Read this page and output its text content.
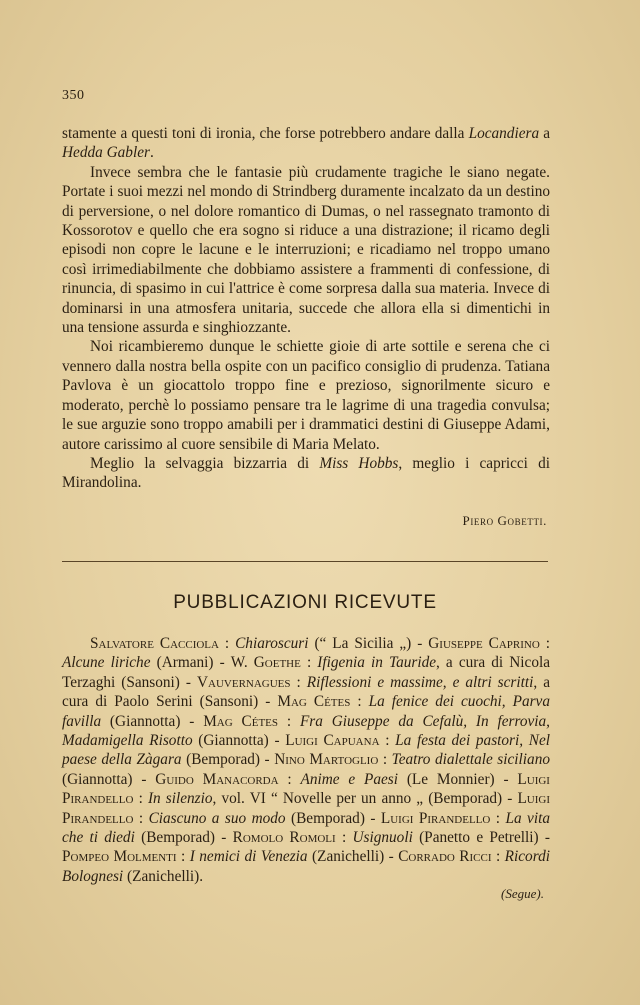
350

stamente a questi toni di ironia, che forse potrebbero andare dalla Locandiera a Hedda Gabler.

Invece sembra che le fantasie più crudamente tragiche le siano negate. Portate i suoi mezzi nel mondo di Strindberg duramente incalzato da un destino di perversione, o nel dolore romantico di Dumas, o nel rassegnato tramonto di Kossorotov e quello che era sogno si riduce a una distrazione; il ricamo degli episodi non copre le lacune e le interruzioni; e ricadiamo nel troppo umano così irrimediabilmente che dobbiamo assistere a frammenti di confessione, di rinuncia, di spasimo in cui l'attrice è come sorpresa dalla sua materia. Invece di dominarsi in una atmosfera unitaria, succede che allora ella si dimentichi in una tensione assurda e singhiozzante.

Noi ricambieremo dunque le schiette gioie di arte sottile e serena che ci vennero dalla nostra bella ospite con un pacifico consiglio di prudenza. Tatiana Pavlova è un giocattolo troppo fine e prezioso, signorilmente sicuro e moderato, perchè lo possiamo pensare tra le lagrime di una tragedia convulsa; le sue arguzie sono troppo amabili per i drammatici destini di Giuseppe Adami, autore carissimo al cuore sensibile di Maria Melato.

Meglio la selvaggia bizzarria di Miss Hobbs, meglio i capricci di Mirandolina.

Piero Gobetti.
PUBBLICAZIONI RICEVUTE
Salvatore Cacciola : Chiaroscuri (“ La Sicilia „) - Giuseppe Caprino : Alcune liriche (Armani) - W. Goethe : Ifigenia in Tauride, a cura di Nicola Terzaghi (Sansoni) - Vauvernagues : Riflessioni e massime, e altri scritti, a cura di Paolo Serini (Sansoni) - Mag Cétes : La fenice dei cuochi, Parva favilla (Giannotta) - Mag Cétes : Fra Giuseppe da Cefalù, In ferrovia, Madamigella Risotto (Giannotta) - Luigi Capuana : La festa dei pastori, Nel paese della Zàgara (Bemporad) - Nino Martoglio : Teatro dialettale siciliano (Giannotta) - Guido Manacorda : Anime e Paesi (Le Monnier) - Luigi Pirandello : In silenzio, vol. VI “ Novelle per un anno „ (Bemporad) - Luigi Pirandello : Ciascuno a suo modo (Bemporad) - Luigi Pirandello : La vita che ti diedi (Bemporad) - Romolo Romoli : Usignuoli (Panetto e Petrelli) - Pompeo Molmenti : I nemici di Venezia (Zanichelli) - Corrado Ricci : Ricordi Bolognesi (Zanichelli).
(Segue).
